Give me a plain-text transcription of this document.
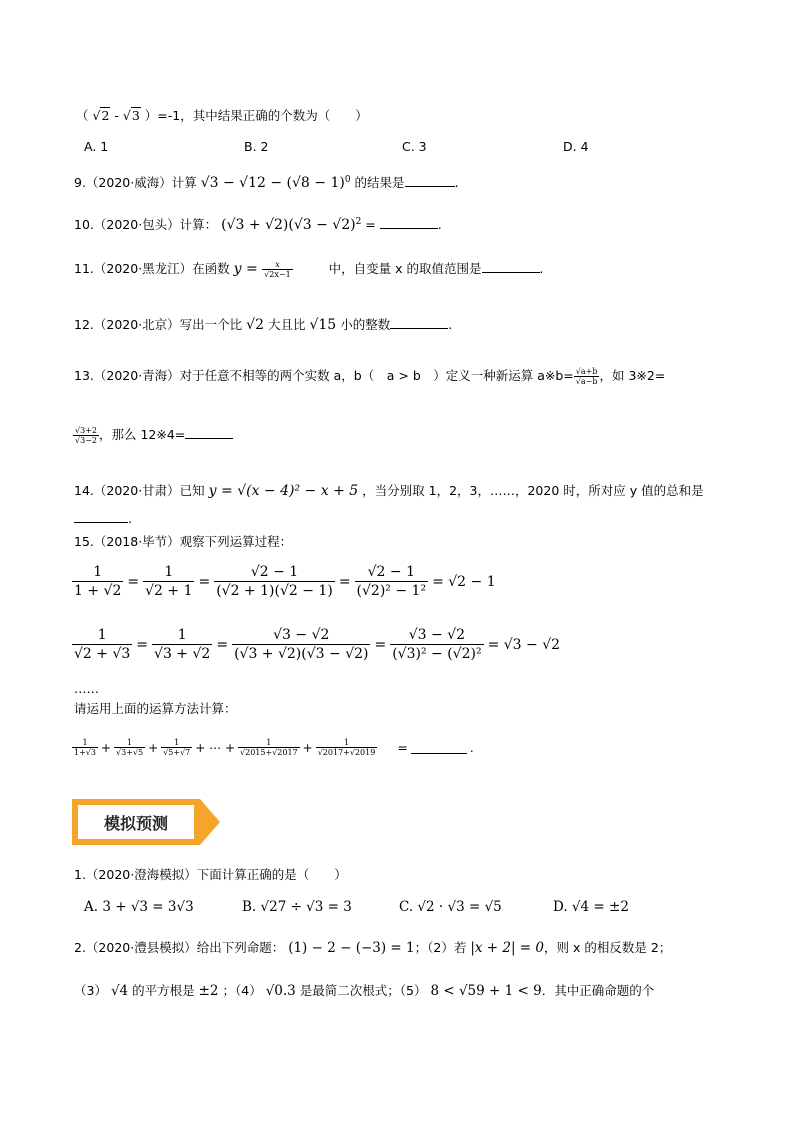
（ √2 - √3 ）=-1，其中结果正确的个数为（　　）
A. 1	B. 2	C. 3	D. 4
9.（2020·威海）计算 $√3 - √12 - (√8 - 1)^0$ 的结果是	.
10.（2020·包头）计算： $(√3 + √2)(√3 - √2)^2$ =	.
11.（2020·黑龙江）在函数 $y = \frac{x}{√2x-1}$	中，自变量 x 的取值范围是	.
12.（2020·北京）写出一个比 √2 大且比 √15 小的整数	.
13.（2020·青海）对于任意不相等的两个实数 a，b（　a > b　）定义一种新运算 a※b= $\frac{√a+b}{√a-b}$ ，如 3※2=
$\frac{√3+2}{√3-2}$ ，那么 12※4=
14.（2020·甘肃）已知 y = √(x − 4)² − x + 5 ，当分别取 1，2，3，……，2020 时，所对应 y 值的总和是
.
15.（2018·毕节）观察下列运算过程：
$\frac{1}{1 + √2} = \frac{1}{√2 + 1} = \frac{√2 - 1}{(√2 + 1)(√2 - 1)} = \frac{√2 - 1}{\text{(√2)² − 1²}} = √2 - 1$
$\frac{1}{√2 + √3} = \frac{1}{√3 + √2} = \frac{√3 - √2}{(√3 + √2)(√3 - √2)} = \frac{√3 - √2}{\text{(√3)² − (√2)²}} = √3 - √2$
……
请运用上面的运算方法计算：
$\frac{1}{1+√3} + \frac{1}{√3+√5} + \frac{1}{√5+√7}$ + ⋯ + $\frac{1}{√2015+√2017} + \frac{1}{√2017+√2019}$ =	.
模拟预测
1.（2020·澄海模拟）下面计算正确的是（　　）
A. 3 + √3 = 3√3	B. √27 ÷ √3 = 3	C. √2 · √3 = √5	D. √4 = ±2
2.（2020·澧县模拟）给出下列命题： (1) − 2 − (−3) = 1；（2）若 |x + 2| = 0，则 x 的相反数是 2；
（3） √4 的平方根是 ±2 ；（4） √0.3 是最简二次根式；（5） 8 < √59 + 1 < 9．其中正确命题的个
